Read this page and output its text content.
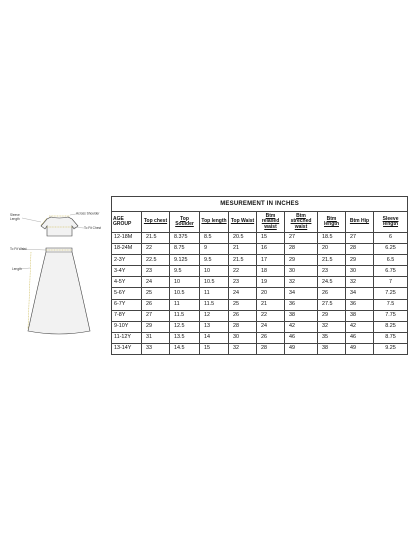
Sleeve
Length
Across Shoulder
To Fit Chest
To Fit Waist
Length
MESUREMENT IN INCHES									
AGE GROUP	Top chest	Top Soulder	Top length	Top Waist	Btm relaxed waist	Btm streched waist	Btm length	Btm Hip	Sleeve length
12-18M	21.5	8.375	8.5	20.5	15	27	18.5	27	6
18-24M	22	8.75	9	21	16	28	20	28	6.25
2-3Y	22.5	9.125	9.5	21.5	17	29	21.5	29	6.5
3-4Y	23	9.5	10	22	18	30	23	30	6.75
4-5Y	24	10	10.5	23	19	32	24.5	32	7
5-6Y	25	10.5	11	24	20	34	26	34	7.25
6-7Y	26	11	11.5	25	21	36	27.5	36	7.5
7-8Y	27	11.5	12	26	22	38	29	38	7.75
9-10Y	29	12.5	13	28	24	42	32	42	8.25
11-12Y	31	13.5	14	30	26	46	35	46	8.75
13-14Y	33	14.5	15	32	28	49	38	49	9.25
